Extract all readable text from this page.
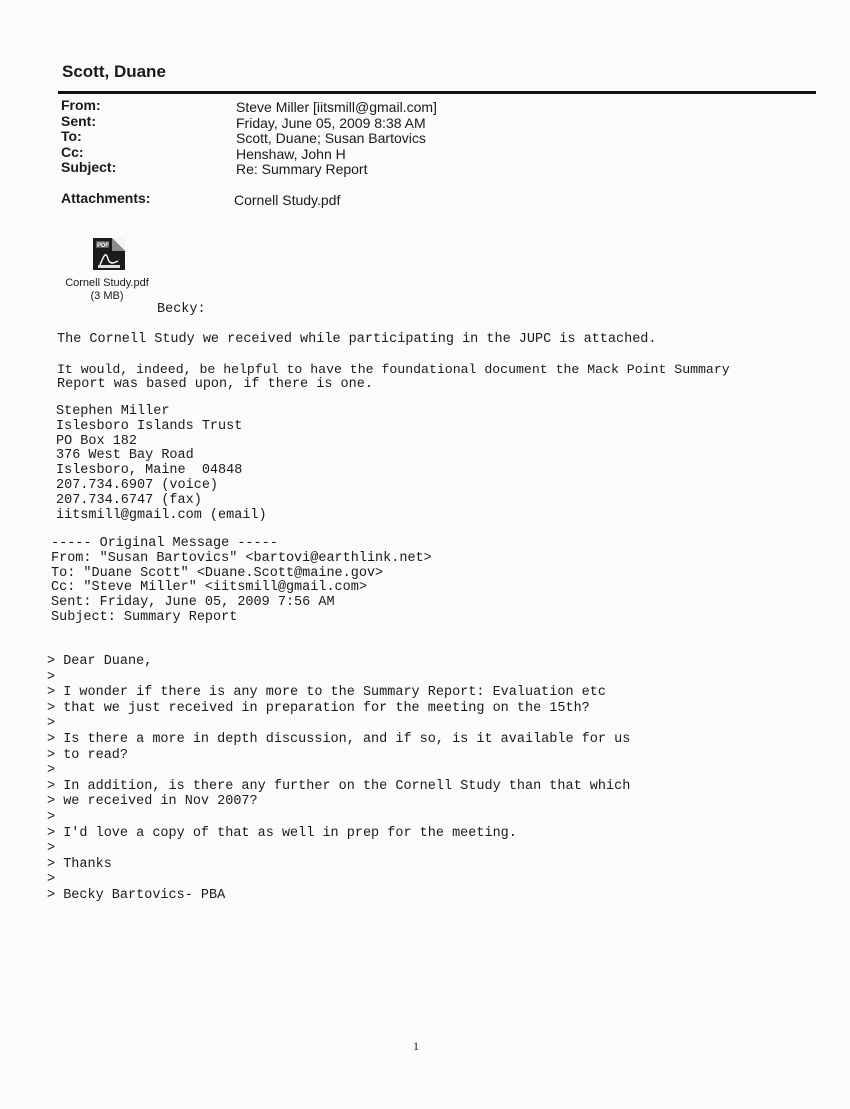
Scott, Duane
From:	Steve Miller [iitsmill@gmail.com]
Sent:	Friday, June 05, 2009 8:38 AM
To:	Scott, Duane; Susan Bartovics
Cc:	Henshaw, John H
Subject:	Re: Summary Report
Attachments:	Cornell Study.pdf
PDF
Cornell Study.pdf
(3 MB)
Becky:
The Cornell Study we received while participating in the JUPC is attached.
It would, indeed, be helpful to have the foundational document the Mack Point Summary
Report was based upon, if there is one.
Stephen Miller
Islesboro Islands Trust
PO Box 182
376 West Bay Road
Islesboro, Maine  04848
207.734.6907 (voice)
207.734.6747 (fax)
iitsmill@gmail.com (email)
----- Original Message -----
From: "Susan Bartovics" <bartovi@earthlink.net>
To: "Duane Scott" <Duane.Scott@maine.gov>
Cc: "Steve Miller" <iitsmill@gmail.com>
Sent: Friday, June 05, 2009 7:56 AM
Subject: Summary Report
> Dear Duane,
>
> I wonder if there is any more to the Summary Report: Evaluation etc
> that we just received in preparation for the meeting on the 15th?
>
> Is there a more in depth discussion, and if so, is it available for us
> to read?
>
> In addition, is there any further on the Cornell Study than that which
> we received in Nov 2007?
>
> I'd love a copy of that as well in prep for the meeting.
>
> Thanks
>
> Becky Bartovics- PBA
1
